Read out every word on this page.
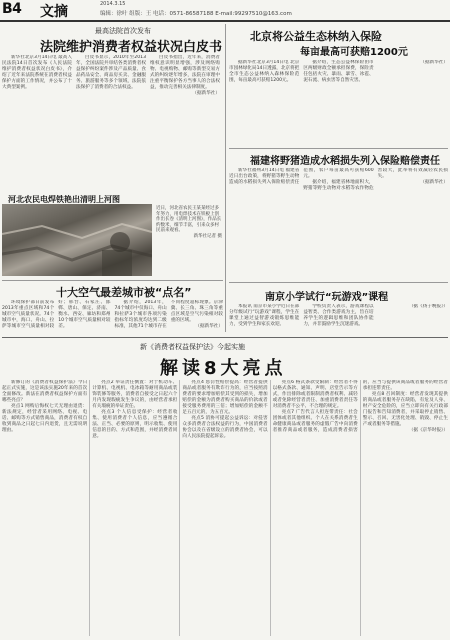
B4 文摘	2014.3.15
编辑：徐叶 组版：王 电话：0571-86587188 E-mail:99297510@163.com
最高法院首次发布
法院维护消费者权益状况白皮书

新华社北京3月14日电 最高人民法院14日首次发布《人民法院维护消费者权益状况白皮书》，介绍了近年来法院系统在消费者权益保护方面的工作情况，并公布了十大典型案例。

白皮书显示，2010年至2013年，全国法院共审结各类消费者权益保护纠纷案件涉及产品质量、食品药品安全、商品房买卖、金融服务、旅游服务等多个领域，法院依法保护了消费者的合法权益。

白皮书指出，近年来，消费者维权意识明显增强，涉及网络购物、电视购物、邮购等新型交易方式的纠纷逐年增多，法院在审理中注重平衡保护各方当事人的合法权益，推动完善相关法律制度。

（据新华社）

河北农民电焊铁艳出清明上河图
近日，河北省农民王某某经过多年努力，用电焊技术在铁板上创作出长卷《清明上河图》，作品长约数米，细节丰富，引来众多村民前来观看。
新华社记者 摄
十大空气最差城市被“点名”

环境保护部日前发布2013年重点区域和74个城市空气质量状况。74个城市中，海口、舟山、拉萨等城市空气质量相对较好；邢台、石家庄、邯郸、唐山、保定、济南、衡水、西安、廊坊和郑州10个城市空气质量相对较差。

据介绍，2013年，74个城市中仅海口、舟山和拉萨3个城市各项污染指标年均浓度均达到二级标准，其他71个城市存在不同程度超标现象。京津冀、长三角、珠三角等重点区域是空气污染相对较重的区域。

（据新华社）

北京将公益生态林纳入保险
每亩最高可获赔1200元

据新华社北京3月14日电 北京市园林绿化局14日透露，北京将把全市生态公益林纳入森林保险范围，每亩最高可获赔1200元。

据介绍，生态公益林保险由市区两级财政全额承担保费，保险责任包括火灾、暴雨、暴雪、冰雹、泥石流、病虫害等自然灾害。

（据新华社）

福建将野猪造成水稻损失列入保险赔偿责任

新华社福州3月14日电 福建省近日出台政策，将野猪等野生动物造成的水稻损失列入保险赔偿责任范围，农户每亩最高可获赔600元。

据介绍，福建省林地面积大，野猪等野生动物对水稻等农作物危害较大，此举将有效减轻农民损失。

（据新华社）

南京小学试行“玩游戏”课程

本报讯 南京市某小学近日在部分年级试行“玩游戏”课程，学生在课堂上通过益智游戏锻炼思维能力，受到学生和家长欢迎。

学校负责人表示，游戏课程以益智类、合作类游戏为主，旨在培养学生的逻辑思维和团队协作能力，并非鼓励学生沉迷游戏。

（据《扬子晚报》）

新《消费者权益保护法》今起实施
解读8大亮点

新修订的《消费者权益保护法》今日起正式实施，这是该法实施20年来的首次全面修改。新法在消费者权益保护方面有哪些亮点？

亮点1 网购后悔权七天无理由退货：新法规定，经营者采用网络、电视、电话、邮购等方式销售商品，消费者有权自收到商品之日起七日内退货，且无需说明理由。

亮点2 举证责任倒置：对于机动车、计算机、电视机、电冰箱等耐用商品或装饰装修等服务，消费者自接受之日起六个月内发现瑕疵发生争议的，由经营者承担有关瑕疵的举证责任。

亮点3 个人信息受保护：经营者收集、使用消费者个人信息，应当遵循合法、正当、必要的原则，明示收集、使用信息的目的、方式和范围，并经消费者同意。

亮点4 惩罚性赔偿提高：经营者提供商品或者服务有欺诈行为的，应当按照消费者的要求增加赔偿其受到的损失，增加赔偿的金额为消费者购买商品的价款或者接受服务费用的三倍；增加赔偿的金额不足五百元的，为五百元。

亮点5 消协可提起公益诉讼：对侵害众多消费者合法权益的行为，中国消费者协会以及在省级设立的消费者协会，可以向人民法院提起诉讼。

亮点6 格式条款受限制：经营者不得以格式条款、通知、声明、店堂告示等方式，作出排除或者限制消费者权利、减轻或者免除经营者责任、加重消费者责任等对消费者不公平、不合理的规定。

亮点7 广告代言人担连带责任：社会团体或者其他组织、个人在关系消费者生命健康商品或者服务的虚假广告中向消费者推荐商品或者服务，造成消费者损害的，应当与提供该商品或者服务的经营者承担连带责任。

亮点8 召回制度：经营者发现其提供的商品或者服务存在缺陷，有危及人身、财产安全危险的，应当立即向有关行政部门报告和告知消费者，并采取停止销售、警示、召回、无害化处理、销毁、停止生产或者服务等措施。

（据《京华时报》）
